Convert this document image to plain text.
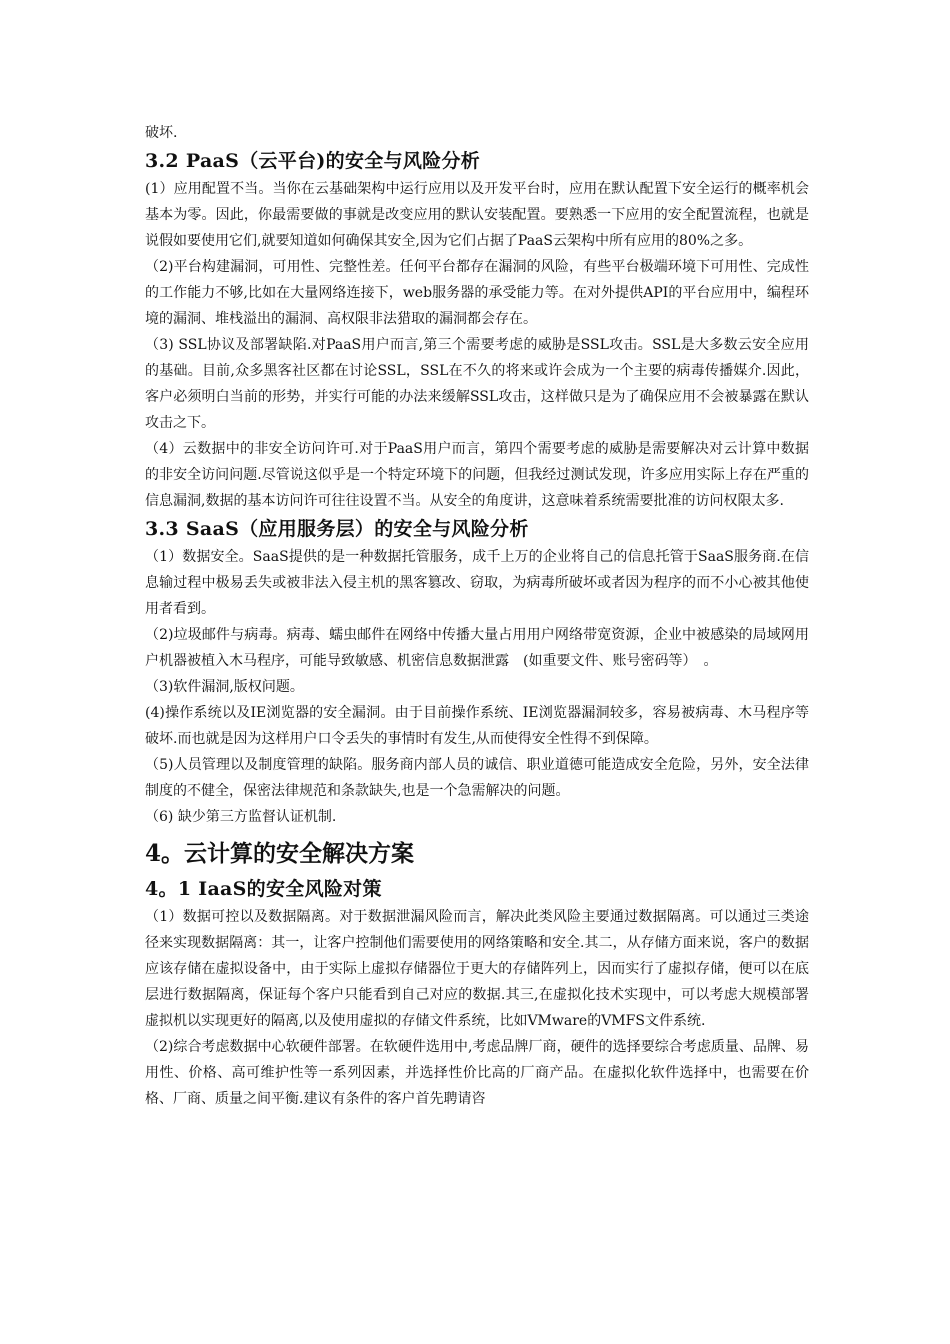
破坏.

3.2 PaaS（云平台)的安全与风险分析

(1）应用配置不当。当你在云基础架构中运行应用以及开发平台时，应用在默认配置下安全运行的概率机会基本为零。因此，你最需要做的事就是改变应用的默认安装配置。要熟悉一下应用的安全配置流程，也就是说假如要使用它们,就要知道如何确保其安全,因为它们占据了PaaS云架构中所有应用的80%之多。

（2)平台构建漏洞，可用性、完整性差。任何平台都存在漏洞的风险，有些平台极端环境下可用性、完成性的工作能力不够,比如在大量网络连接下，web服务器的承受能力等。在对外提供API的平台应用中，编程环境的漏洞、堆栈溢出的漏洞、高权限非法猎取的漏洞都会存在。

（3) SSL协议及部署缺陷.对PaaS用户而言,第三个需要考虑的威胁是SSL攻击。SSL是大多数云安全应用的基础。目前,众多黑客社区都在讨论SSL，SSL在不久的将来或许会成为一个主要的病毒传播媒介.因此，客户必须明白当前的形势，并实行可能的办法来缓解SSL攻击，这样做只是为了确保应用不会被暴露在默认攻击之下。

（4）云数据中的非安全访问许可.对于PaaS用户而言，第四个需要考虑的威胁是需要解决对云计算中数据的非安全访问问题.尽管说这似乎是一个特定环境下的问题，但我经过测试发现，许多应用实际上存在严重的信息漏洞,数据的基本访问许可往往设置不当。从安全的角度讲，这意味着系统需要批准的访问权限太多.

3.3 SaaS（应用服务层）的安全与风险分析

（1）数据安全。SaaS提供的是一种数据托管服务，成千上万的企业将自己的信息托管于SaaS服务商.在信息输过程中极易丢失或被非法入侵主机的黑客篡改、窃取，为病毒所破坏或者因为程序的而不小心被其他使用者看到。

（2)垃圾邮件与病毒。病毒、蠕虫邮件在网络中传播大量占用用户网络带宽资源，企业中被感染的局域网用户机器被植入木马程序，可能导致敏感、机密信息数据泄露　(如重要文件、账号密码等）　。

（3)软件漏洞,版权问题。

(4)操作系统以及IE浏览器的安全漏洞。由于目前操作系统、IE浏览器漏洞较多，容易被病毒、木马程序等破坏.而也就是因为这样用户口令丢失的事情时有发生,从而使得安全性得不到保障。

（5)人员管理以及制度管理的缺陷。服务商内部人员的诚信、职业道德可能造成安全危险，另外，安全法律制度的不健全，保密法律规范和条款缺失,也是一个急需解决的问题。

（6) 缺少第三方监督认证机制.

4。云计算的安全解决方案
4。1 IaaS的安全风险对策

（1）数据可控以及数据隔离。对于数据泄漏风险而言，解决此类风险主要通过数据隔离。可以通过三类途径来实现数据隔离：其一，让客户控制他们需要使用的网络策略和安全.其二，从存储方面来说，客户的数据应该存储在虚拟设备中，由于实际上虚拟存储器位于更大的存储阵列上，因而实行了虚拟存储，便可以在底层进行数据隔离，保证每个客户只能看到自己对应的数据.其三,在虚拟化技术实现中，可以考虑大规模部署虚拟机以实现更好的隔离,以及使用虚拟的存储文件系统，比如VMware的VMFS文件系统.

（2)综合考虑数据中心软硬件部署。在软硬件选用中,考虑品牌厂商，硬件的选择要综合考虑质量、品牌、易用性、价格、高可维护性等一系列因素，并选择性价比高的厂商产品。在虚拟化软件选择中，也需要在价格、厂商、质量之间平衡.建议有条件的客户首先聘请咨
